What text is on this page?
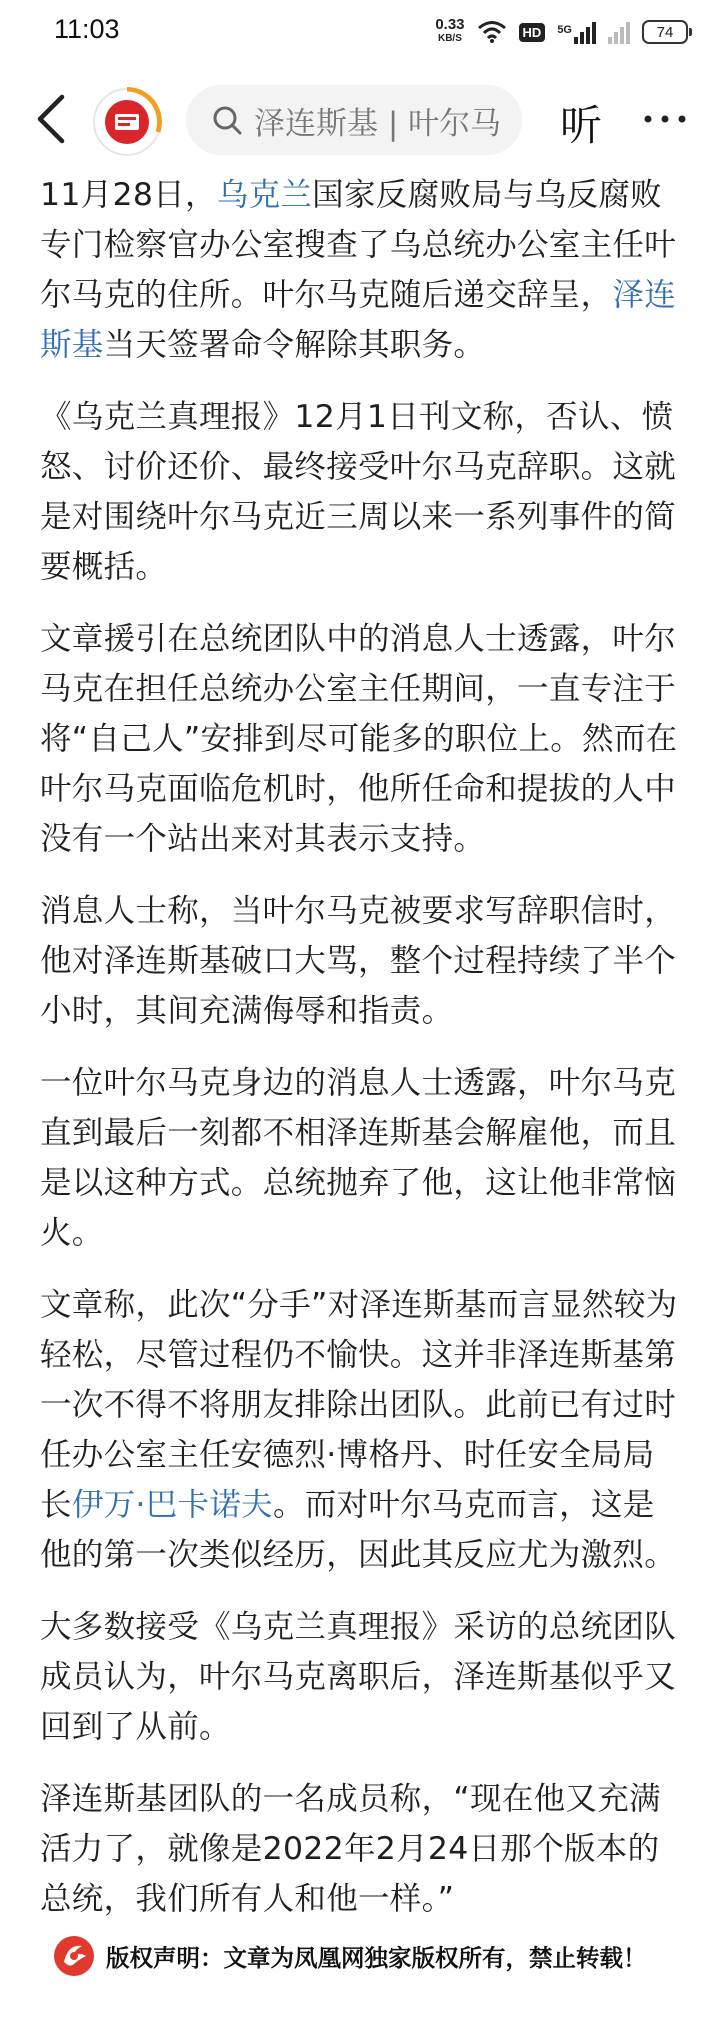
11:03	0.33
KB/S	HD	5G	74
泽连斯基 | 叶尔马 听

11月28日，乌克兰国家反腐败局与乌反腐败专门检察官办公室搜查了乌总统办公室主任叶尔马克的住所。叶尔马克随后递交辞呈，泽连斯基当天签署命令解除其职务。

《乌克兰真理报》12月1日刊文称，否认、愤怒、讨价还价、最终接受叶尔马克辞职。这就是对围绕叶尔马克近三周以来一系列事件的简要概括。

文章援引在总统团队中的消息人士透露，叶尔马克在担任总统办公室主任期间，一直专注于将“自己人”安排到尽可能多的职位上。然而在叶尔马克面临危机时，他所任命和提拔的人中没有一个站出来对其表示支持。

消息人士称，当叶尔马克被要求写辞职信时，他对泽连斯基破口大骂，整个过程持续了半个小时，其间充满侮辱和指责。

一位叶尔马克身边的消息人士透露，叶尔马克直到最后一刻都不相泽连斯基会解雇他，而且是以这种方式。总统抛弃了他，这让他非常恼火。

文章称，此次“分手”对泽连斯基而言显然较为轻松，尽管过程仍不愉快。这并非泽连斯基第一次不得不将朋友排除出团队。此前已有过时任办公室主任安德烈·博格丹、时任安全局局长伊万·巴卡诺夫。而对叶尔马克而言，这是他的第一次类似经历，因此其反应尤为激烈。

大多数接受《乌克兰真理报》采访的总统团队成员认为，叶尔马克离职后，泽连斯基似乎又回到了从前。

泽连斯基团队的一名成员称，“现在他又充满活力了，就像是2022年2月24日那个版本的总统，我们所有人和他一样。”

版权声明：文章为凤凰网独家版权所有，禁止转载！
